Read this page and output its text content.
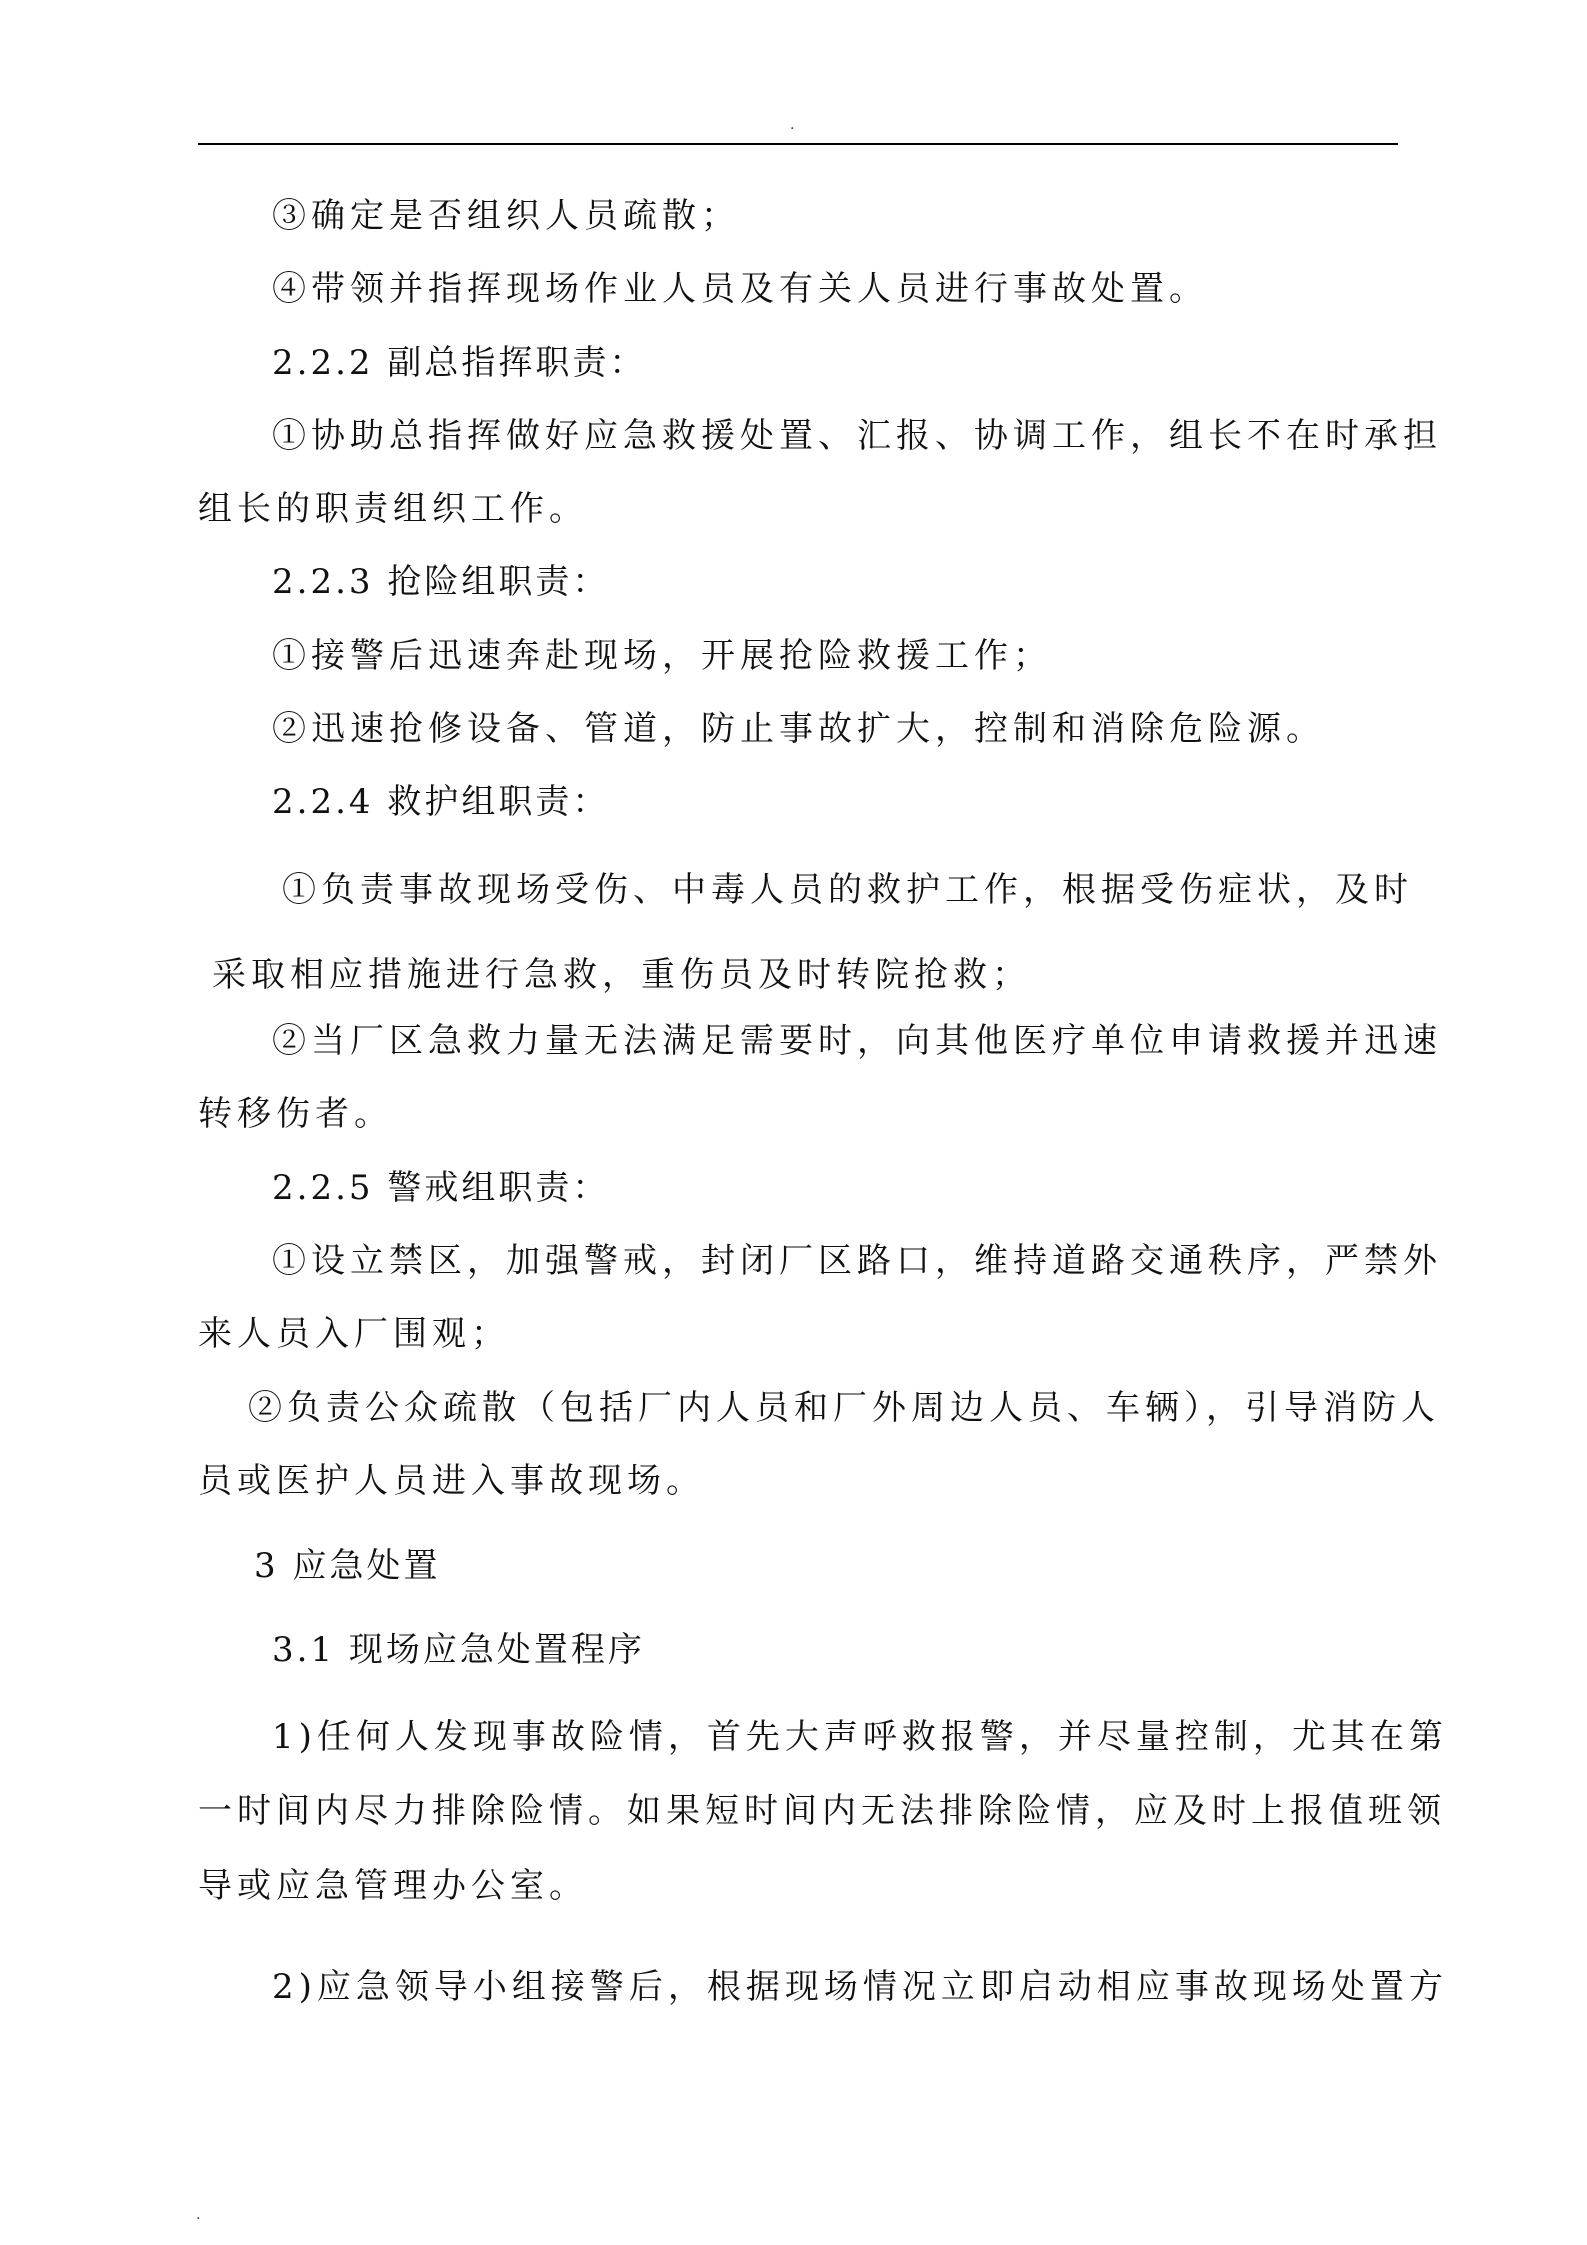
.
③确定是否组织人员疏散；
④带领并指挥现场作业人员及有关人员进行事故处置。
2.2.2 副总指挥职责：
①协助总指挥做好应急救援处置、汇报、协调工作，组长不在时承担
组长的职责组织工作。
2.2.3 抢险组职责：
①接警后迅速奔赴现场，开展抢险救援工作；
②迅速抢修设备、管道，防止事故扩大，控制和消除危险源。
2.2.4 救护组职责：
①负责事故现场受伤、中毒人员的救护工作，根据受伤症状，及时
采取相应措施进行急救，重伤员及时转院抢救；
②当厂区急救力量无法满足需要时，向其他医疗单位申请救援并迅速
转移伤者。
2.2.5 警戒组职责：
①设立禁区，加强警戒，封闭厂区路口，维持道路交通秩序，严禁外
来人员入厂围观；
②负责公众疏散（包括厂内人员和厂外周边人员、车辆），引导消防人
员或医护人员进入事故现场。
3 应急处置
3.1 现场应急处置程序
1)任何人发现事故险情，首先大声呼救报警，并尽量控制，尤其在第
一时间内尽力排除险情。如果短时间内无法排除险情，应及时上报值班领
导或应急管理办公室。
2)应急领导小组接警后，根据现场情况立即启动相应事故现场处置方
.
